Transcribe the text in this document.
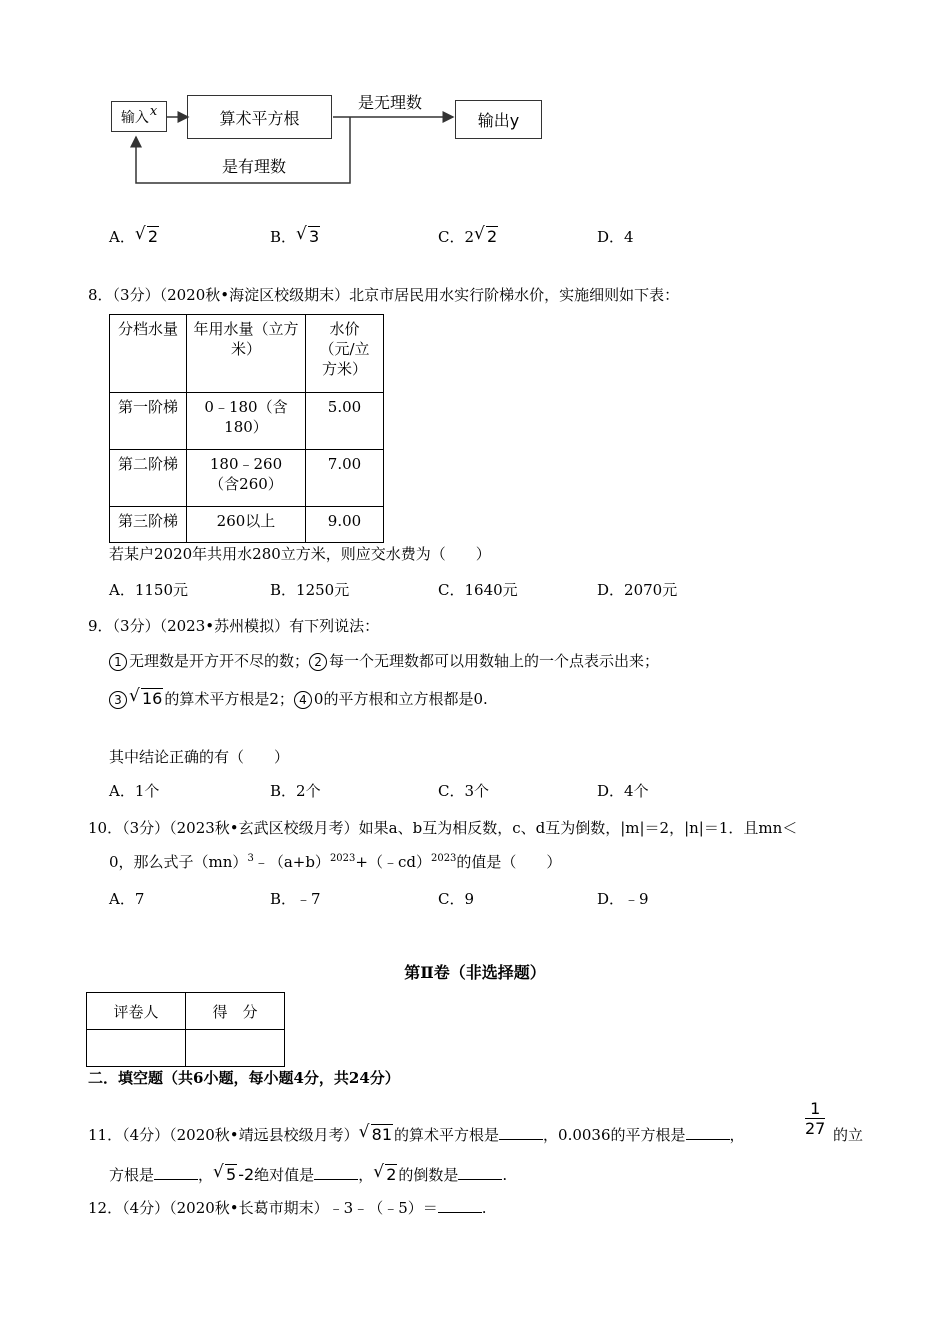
输入 x	算术平方根
是无理数
输出y
是有理数
A． √ 2	B． √ 3	C．2 √ 2	D．4
8．（3分）（2020秋•海淀区校级期末）北京市居民用水实行阶梯水价，实施细则如下表：
分档水量	年用水量（立方米）	水价（元/立方米）
第一阶梯	0﹣180（含180）	5.00
第二阶梯	180﹣260（含260）	7.00
第三阶梯	260以上	9.00
若某户2020年共用水280立方米，则应交水费为（　　）
A．1150元	B．1250元	C．1640元	D．2070元
9．（3分）（2023•苏州模拟）有下列说法：
1 无理数是开方开不尽的数； 2 每一个无理数都可以用数轴上的一个点表示出来；
3 √ 16 的算术平方根是2； 4 0的平方根和立方根都是0.
其中结论正确的有（　　）
A．1个	B．2个	C．3个	D．4个
10．（3分）（2023秋•玄武区校级月考）如果a、b互为相反数，c、d互为倒数，|m|＝2，|n|＝1．且mn＜
0，那么式子$(mn)^3﹣(a+b)^{2023}+(﹣cd)^{2023}$的值是（　　）
A．7	B．﹣7	C．9	D．﹣9
第Ⅱ卷（非选择题）
评卷人	得　分

二．填空题（共6小题，每小题4分，共24分）
11．（4分）（2020秋•靖远县校级月考） √ 81 的算术平方根是	，0.0036的平方根是	，	$\frac{1}{27}$ 的立
方根是	， √ 5 -2绝对值是	， √ 2 的倒数是	.
12．（4分）（2020秋•长葛市期末）﹣3﹣（﹣5）＝	.
